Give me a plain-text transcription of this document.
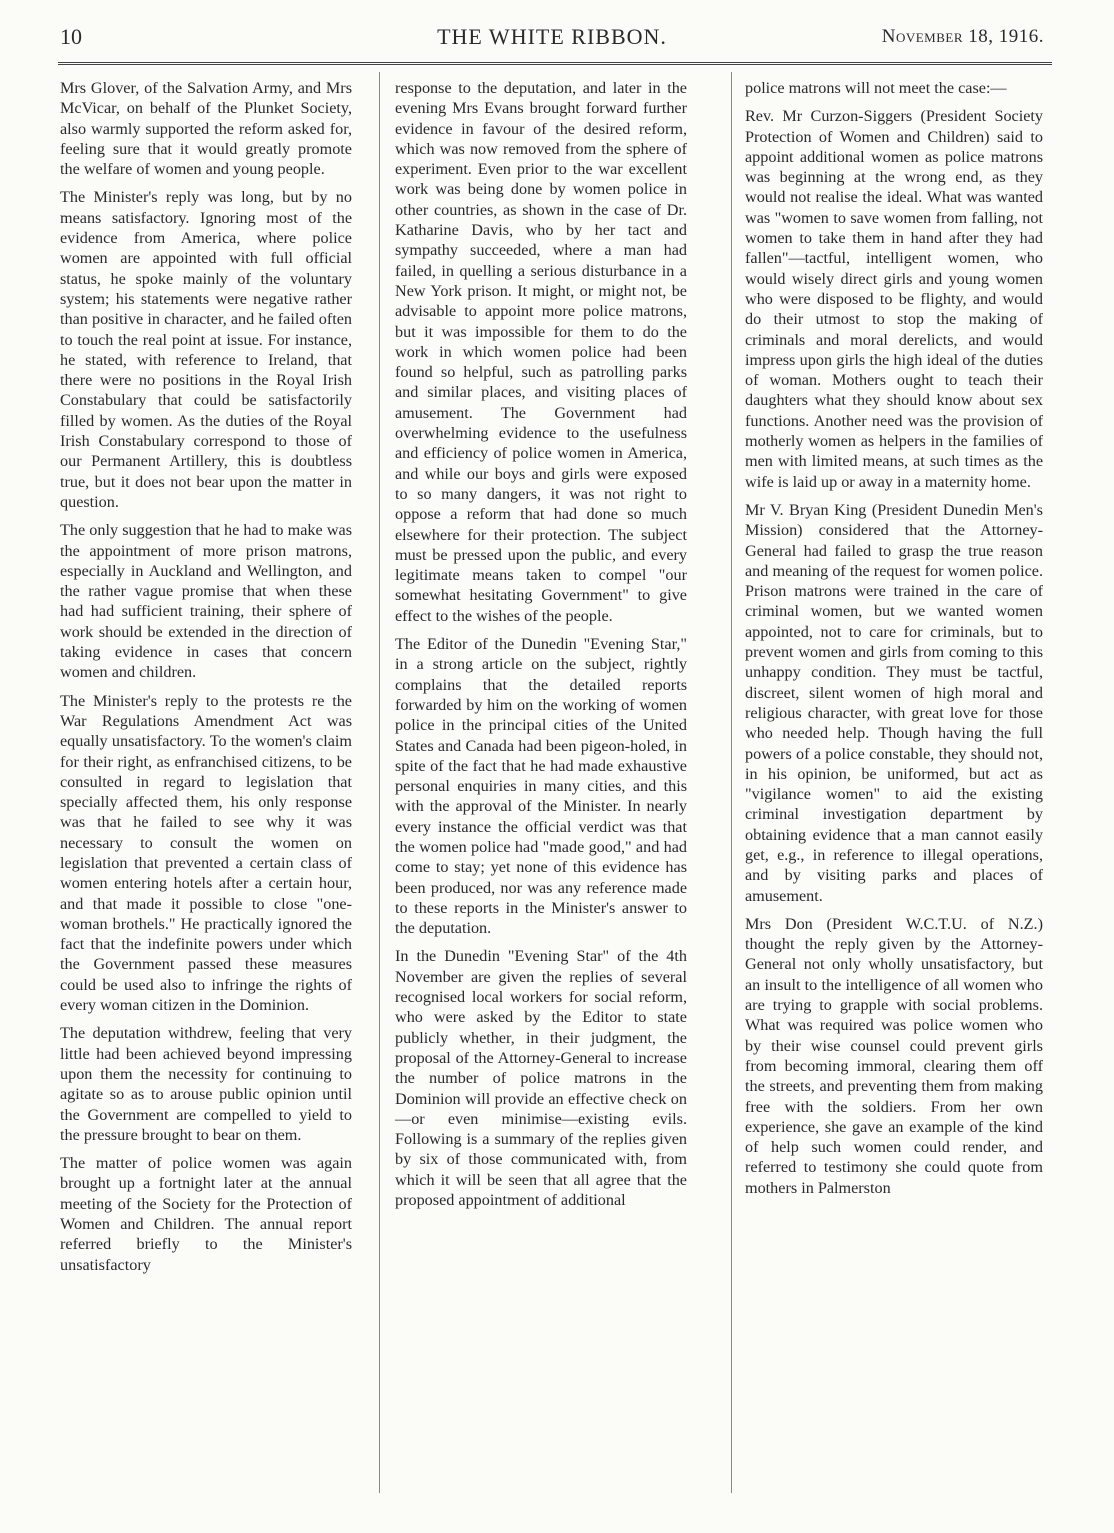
10	THE WHITE RIBBON.	November 18, 1916.

Mrs Glover, of the Salvation Army, and Mrs McVicar, on behalf of the Plunket Society, also warmly supported the reform asked for, feeling sure that it would greatly promote the welfare of women and young people.

The Minister's reply was long, but by no means satisfactory. Ignoring most of the evidence from America, where police women are appointed with full official status, he spoke mainly of the voluntary system; his statements were negative rather than positive in character, and he failed often to touch the real point at issue. For instance, he stated, with reference to Ireland, that there were no positions in the Royal Irish Constabulary that could be satisfactorily filled by women. As the duties of the Royal Irish Constabulary correspond to those of our Permanent Artillery, this is doubtless true, but it does not bear upon the matter in question.

The only suggestion that he had to make was the appointment of more prison matrons, especially in Auckland and Wellington, and the rather vague promise that when these had had sufficient training, their sphere of work should be extended in the direction of taking evidence in cases that concern women and children.

The Minister's reply to the protests re the War Regulations Amendment Act was equally unsatisfactory. To the women's claim for their right, as enfranchised citizens, to be consulted in regard to legislation that specially affected them, his only response was that he failed to see why it was necessary to consult the women on legislation that prevented a certain class of women entering hotels after a certain hour, and that made it possible to close "one-woman brothels." He practically ignored the fact that the indefinite powers under which the Government passed these measures could be used also to infringe the rights of every woman citizen in the Dominion.

The deputation withdrew, feeling that very little had been achieved beyond impressing upon them the necessity for continuing to agitate so as to arouse public opinion until the Government are compelled to yield to the pressure brought to bear on them.

The matter of police women was again brought up a fortnight later at the annual meeting of the Society for the Protection of Women and Children. The annual report referred briefly to the Minister's unsatisfactory

response to the deputation, and later in the evening Mrs Evans brought forward further evidence in favour of the desired reform, which was now removed from the sphere of experiment. Even prior to the war excellent work was being done by women police in other countries, as shown in the case of Dr. Katharine Davis, who by her tact and sympathy succeeded, where a man had failed, in quelling a serious disturbance in a New York prison. It might, or might not, be advisable to appoint more police matrons, but it was impossible for them to do the work in which women police had been found so helpful, such as patrolling parks and similar places, and visiting places of amusement. The Government had overwhelming evidence to the usefulness and efficiency of police women in America, and while our boys and girls were exposed to so many dangers, it was not right to oppose a reform that had done so much elsewhere for their protection. The subject must be pressed upon the public, and every legitimate means taken to compel "our somewhat hesitating Government" to give effect to the wishes of the people.

The Editor of the Dunedin "Evening Star," in a strong article on the subject, rightly complains that the detailed reports forwarded by him on the working of women police in the principal cities of the United States and Canada had been pigeon-holed, in spite of the fact that he had made exhaustive personal enquiries in many cities, and this with the approval of the Minister. In nearly every instance the official verdict was that the women police had "made good," and had come to stay; yet none of this evidence has been produced, nor was any reference made to these reports in the Minister's answer to the deputation.

In the Dunedin "Evening Star" of the 4th November are given the replies of several recognised local workers for social reform, who were asked by the Editor to state publicly whether, in their judgment, the proposal of the Attorney-General to increase the number of police matrons in the Dominion will provide an effective check on—or even minimise—existing evils. Following is a summary of the replies given by six of those communicated with, from which it will be seen that all agree that the proposed appointment of additional

police matrons will not meet the case:—

Rev. Mr Curzon-Siggers (President Society Protection of Women and Children) said to appoint additional women as police matrons was beginning at the wrong end, as they would not realise the ideal. What was wanted was "women to save women from falling, not women to take them in hand after they had fallen"—tactful, intelligent women, who would wisely direct girls and young women who were disposed to be flighty, and would do their utmost to stop the making of criminals and moral derelicts, and would impress upon girls the high ideal of the duties of woman. Mothers ought to teach their daughters what they should know about sex functions. Another need was the provision of motherly women as helpers in the families of men with limited means, at such times as the wife is laid up or away in a maternity home.

Mr V. Bryan King (President Dunedin Men's Mission) considered that the Attorney-General had failed to grasp the true reason and meaning of the request for women police. Prison matrons were trained in the care of criminal women, but we wanted women appointed, not to care for criminals, but to prevent women and girls from coming to this unhappy condition. They must be tactful, discreet, silent women of high moral and religious character, with great love for those who needed help. Though having the full powers of a police constable, they should not, in his opinion, be uniformed, but act as "vigilance women" to aid the existing criminal investigation department by obtaining evidence that a man cannot easily get, e.g., in reference to illegal operations, and by visiting parks and places of amusement.

Mrs Don (President W.C.T.U. of N.Z.) thought the reply given by the Attorney-General not only wholly unsatisfactory, but an insult to the intelligence of all women who are trying to grapple with social problems. What was required was police women who by their wise counsel could prevent girls from becoming immoral, clearing them off the streets, and preventing them from making free with the soldiers. From her own experience, she gave an example of the kind of help such women could render, and referred to testimony she could quote from mothers in Palmerston
